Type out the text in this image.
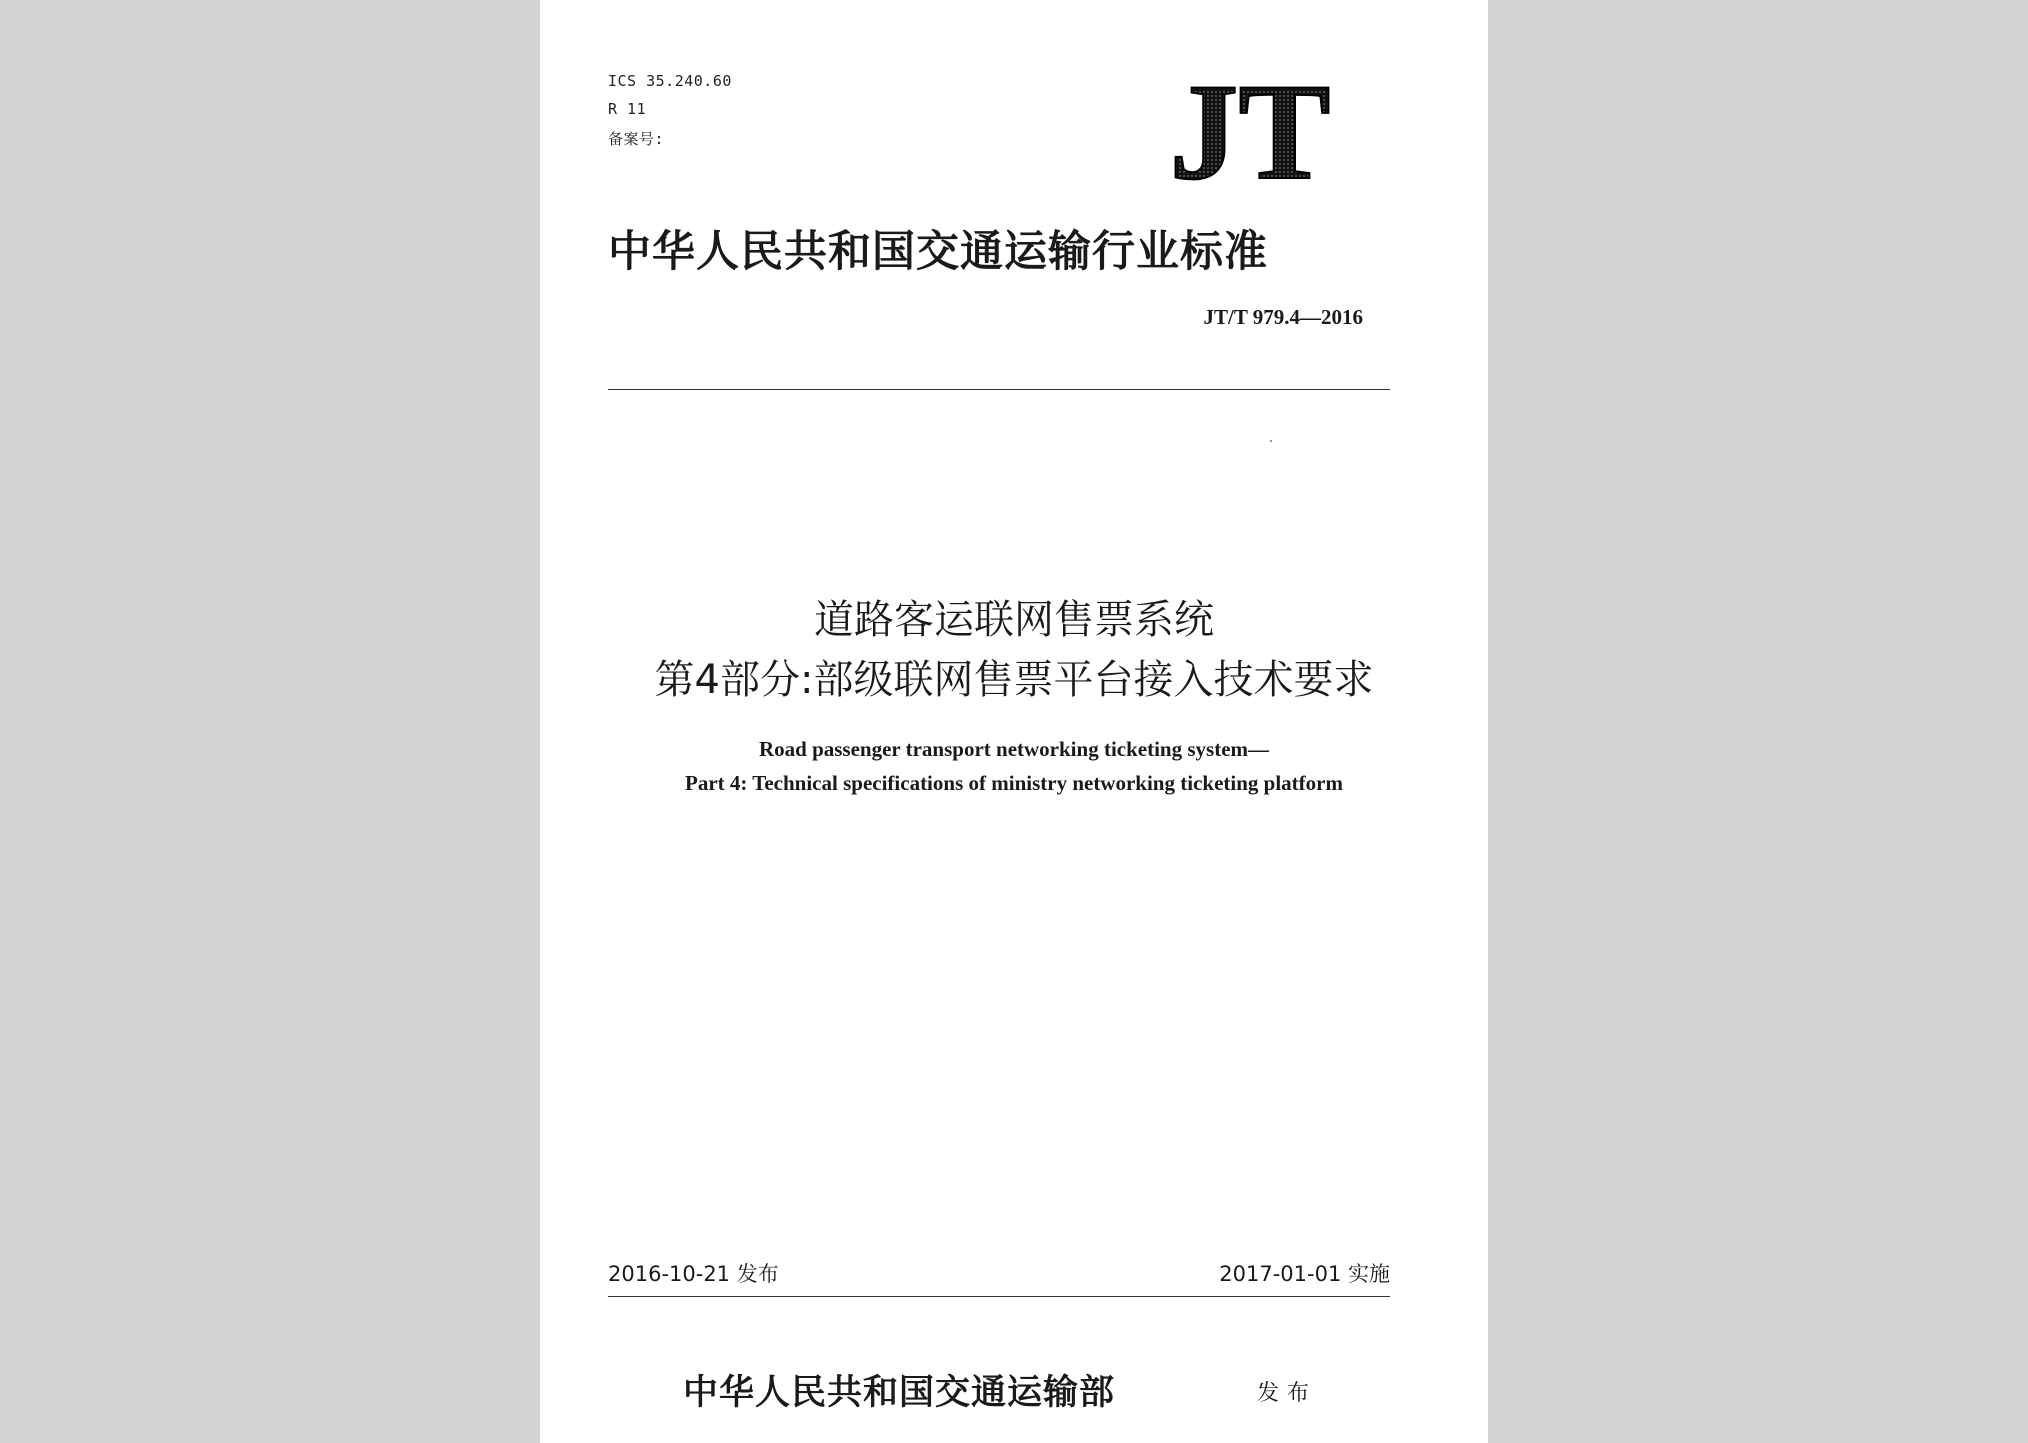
ICS 35.240.60
R 11
备案号:	JT
中华人民共和国交通运输行业标准
JT/T 979.4—2016
道路客运联网售票系统
第4部分:部级联网售票平台接入技术要求
Road passenger transport networking ticketing system—
Part 4: Technical specifications of ministry networking ticketing platform
2016-10-21 发布	2017-01-01 实施
中华人民共和国交通运输部	发布
